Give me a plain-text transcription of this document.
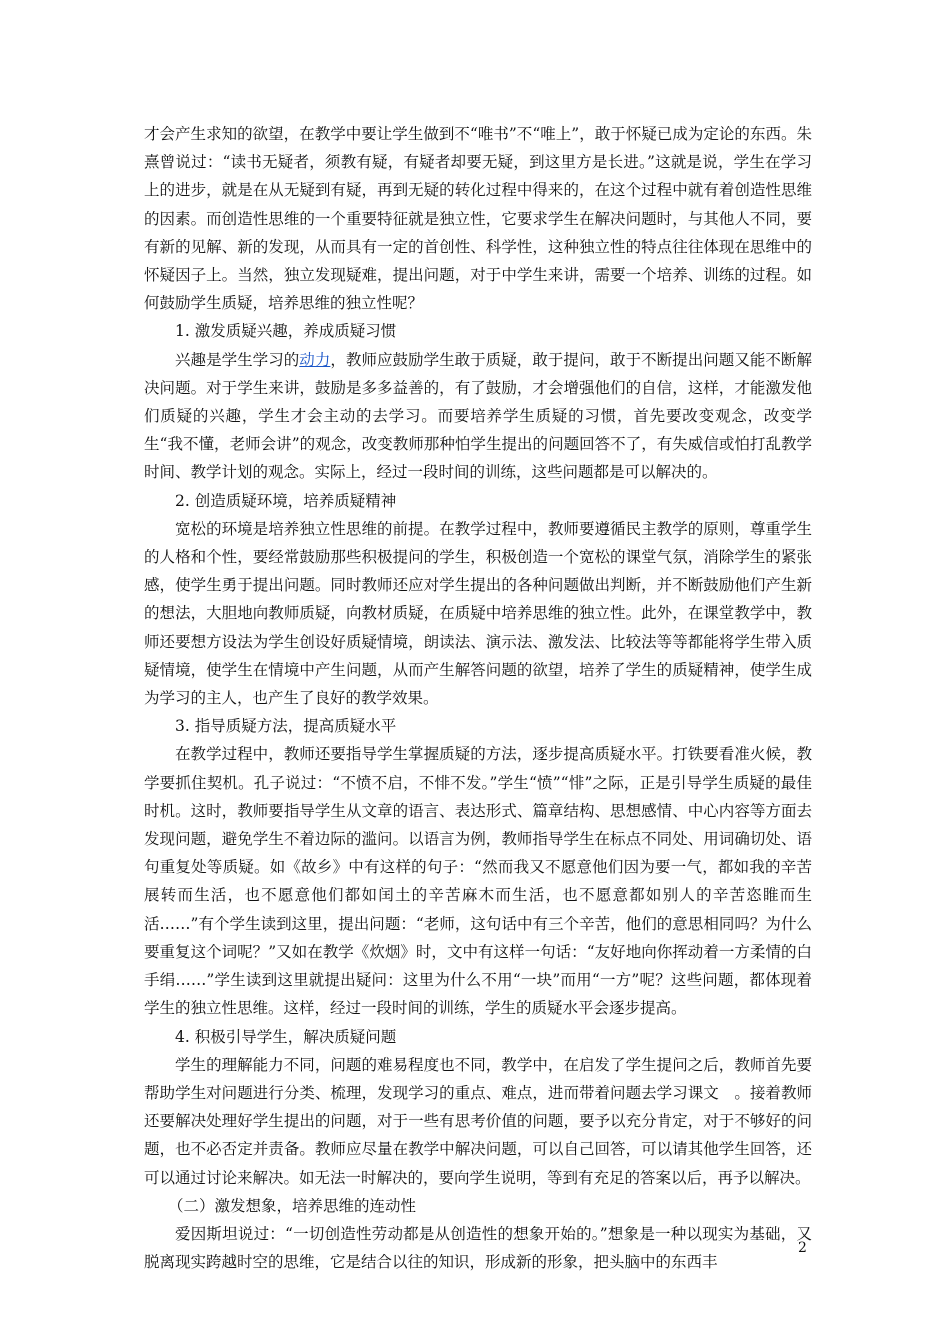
才会产生求知的欲望，在教学中要让学生做到不“唯书”不“唯上”，敢于怀疑已成为定论的东西。朱熹曾说过：“读书无疑者，须教有疑，有疑者却要无疑，到这里方是长进。”这就是说，学生在学习上的进步，就是在从无疑到有疑，再到无疑的转化过程中得来的，在这个过程中就有着创造性思维的因素。而创造性思维的一个重要特征就是独立性，它要求学生在解决问题时，与其他人不同，要有新的见解、新的发现，从而具有一定的首创性、科学性，这种独立性的特点往往体现在思维中的怀疑因子上。当然，独立发现疑难，提出问题，对于中学生来讲，需要一个培养、训练的过程。如何鼓励学生质疑，培养思维的独立性呢？

1. 激发质疑兴趣，养成质疑习惯

兴趣是学生学习的动力，教师应鼓励学生敢于质疑，敢于提问，敢于不断提出问题又能不断解决问题。对于学生来讲，鼓励是多多益善的，有了鼓励，才会增强他们的自信，这样，才能激发他们质疑的兴趣，学生才会主动的去学习。而要培养学生质疑的习惯，首先要改变观念，改变学生“我不懂，老师会讲”的观念，改变教师那种怕学生提出的问题回答不了，有失威信或怕打乱教学时间、教学计划的观念。实际上，经过一段时间的训练，这些问题都是可以解决的。

2. 创造质疑环境，培养质疑精神

宽松的环境是培养独立性思维的前提。在教学过程中，教师要遵循民主教学的原则，尊重学生的人格和个性，要经常鼓励那些积极提问的学生，积极创造一个宽松的课堂气氛，消除学生的紧张感，使学生勇于提出问题。同时教师还应对学生提出的各种问题做出判断，并不断鼓励他们产生新的想法，大胆地向教师质疑，向教材质疑，在质疑中培养思维的独立性。此外，在课堂教学中，教师还要想方设法为学生创设好质疑情境，朗读法、演示法、激发法、比较法等等都能将学生带入质疑情境，使学生在情境中产生问题，从而产生解答问题的欲望，培养了学生的质疑精神，使学生成为学习的主人，也产生了良好的教学效果。

3. 指导质疑方法，提高质疑水平

在教学过程中，教师还要指导学生掌握质疑的方法，逐步提高质疑水平。打铁要看准火候，教学要抓住契机。孔子说过：“不愤不启，不悱不发。”学生“愤”“悱”之际，正是引导学生质疑的最佳时机。这时，教师要指导学生从文章的语言、表达形式、篇章结构、思想感情、中心内容等方面去发现问题，避免学生不着边际的滥问。以语言为例，教师指导学生在标点不同处、用词确切处、语句重复处等质疑。如《故乡》中有这样的句子：“然而我又不愿意他们因为要一气，都如我的辛苦展转而生活，也不愿意他们都如闰土的辛苦麻木而生活，也不愿意都如别人的辛苦恣睢而生活……”有个学生读到这里，提出问题：“老师，这句话中有三个辛苦，他们的意思相同吗？为什么要重复这个词呢？”又如在教学《炊烟》时，文中有这样一句话：“友好地向你挥动着一方柔情的白手绢……”学生读到这里就提出疑问：这里为什么不用“一块”而用“一方”呢？这些问题，都体现着学生的独立性思维。这样，经过一段时间的训练，学生的质疑水平会逐步提高。

4. 积极引导学生，解决质疑问题

学生的理解能力不同，问题的难易程度也不同，教学中，在启发了学生提问之后，教师首先要帮助学生对问题进行分类、梳理，发现学习的重点、难点，进而带着问题去学习课文　。接着教师还要解决处理好学生提出的问题，对于一些有思考价值的问题，要予以充分肯定，对于不够好的问题，也不必否定并责备。教师应尽量在教学中解决问题，可以自己回答，可以请其他学生回答，还可以通过讨论来解决。如无法一时解决的，要向学生说明，等到有充足的答案以后，再予以解决。

（二）激发想象，培养思维的连动性

爱因斯坦说过：“一切创造性劳动都是从创造性的想象开始的。”想象是一种以现实为基础，又脱离现实跨越时空的思维，它是结合以往的知识，形成新的形象，把头脑中的东西丰

2
